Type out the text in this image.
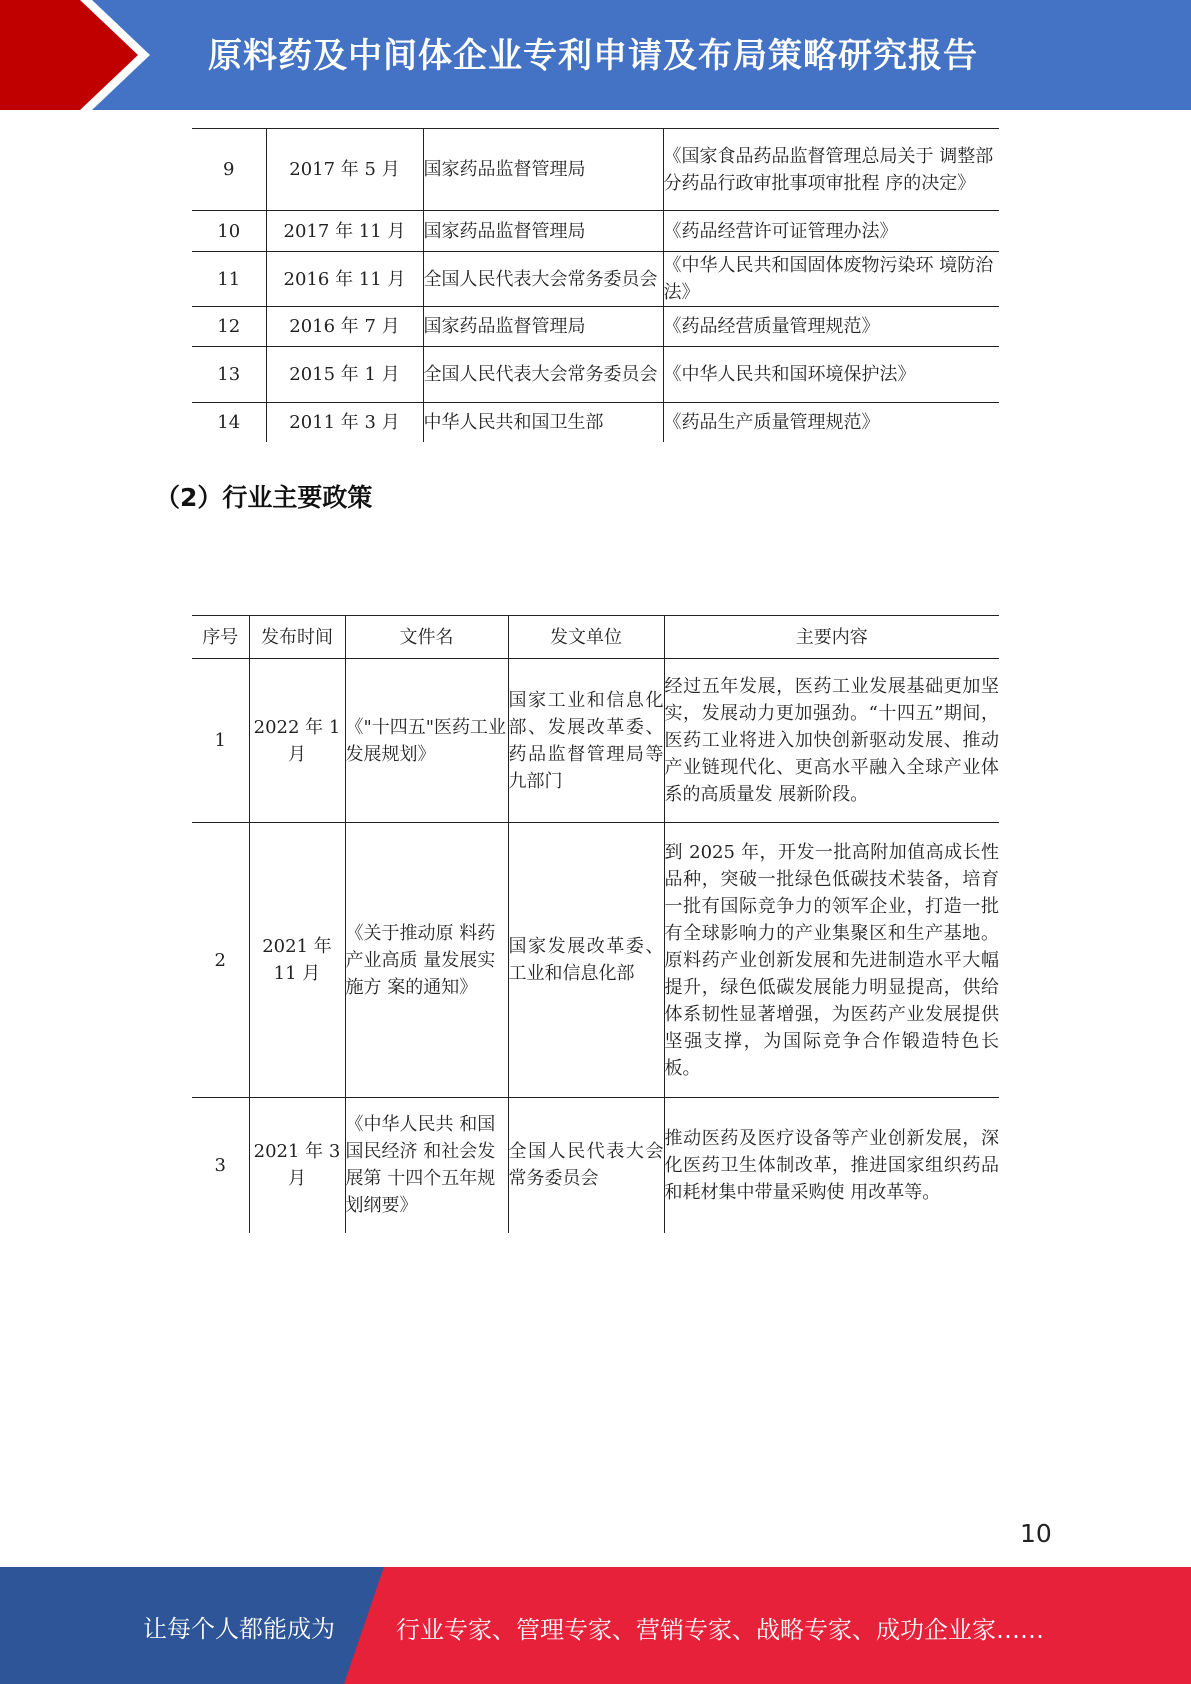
原料药及中间体企业专利申请及布局策略研究报告
9	2017 年 5 月	国家药品监督管理局	《国家食品药品监督管理总局关于 调整部分药品行政审批事项审批程 序的决定》
10	2017 年 11 月	国家药品监督管理局	《药品经营许可证管理办法》
11	2016 年 11 月	全国人民代表大会常务委员会	《中华人民共和国固体废物污染环 境防治法》
12	2016 年 7 月	国家药品监督管理局	《药品经营质量管理规范》
13	2015 年 1 月	全国人民代表大会常务委员会	《中华人民共和国环境保护法》
14	2011 年 3 月	中华人民共和国卫生部	《药品生产质量管理规范》
（2）行业主要政策
序号	发布时间	文件名	发文单位	主要内容
1	2022 年 1 月	《"十四五"医药工业发展规划》	国家工业和信息化部、发展改革委、药品监督管理局等九部门	经过五年发展，医药工业发展基础更加坚实，发展动力更加强劲。“十四五”期间，医药工业将进入加快创新驱动发展、推动产业链现代化、更高水平融入全球产业体系的高质量发 展新阶段。
2	2021 年 11 月	《关于推动原 料药产业高质 量发展实施方 案的通知》	国家发展改革委、工业和信息化部	到 2025 年，开发一批高附加值高成长性品种，突破一批绿色低碳技术装备，培育一批有国际竞争力的领军企业，打造一批有全球影响力的产业集聚区和生产基地。原料药产业创新发展和先进制造水平大幅提升，绿色低碳发展能力明显提高，供给体系韧性显著增强，为医药产业发展提供坚强支撑，为国际竞争合作锻造特色长 板。
3	2021 年 3 月	《中华人民共 和国国民经济 和社会发展第 十四个五年规 划纲要》	全国人民代表大会常务委员会	推动医药及医疗设备等产业创新发展，深化医药卫生体制改革，推进国家组织药品和耗材集中带量采购使 用改革等。
10
让每个人都能成为	行业专家、管理专家、营销专家、战略专家、成功企业家……
